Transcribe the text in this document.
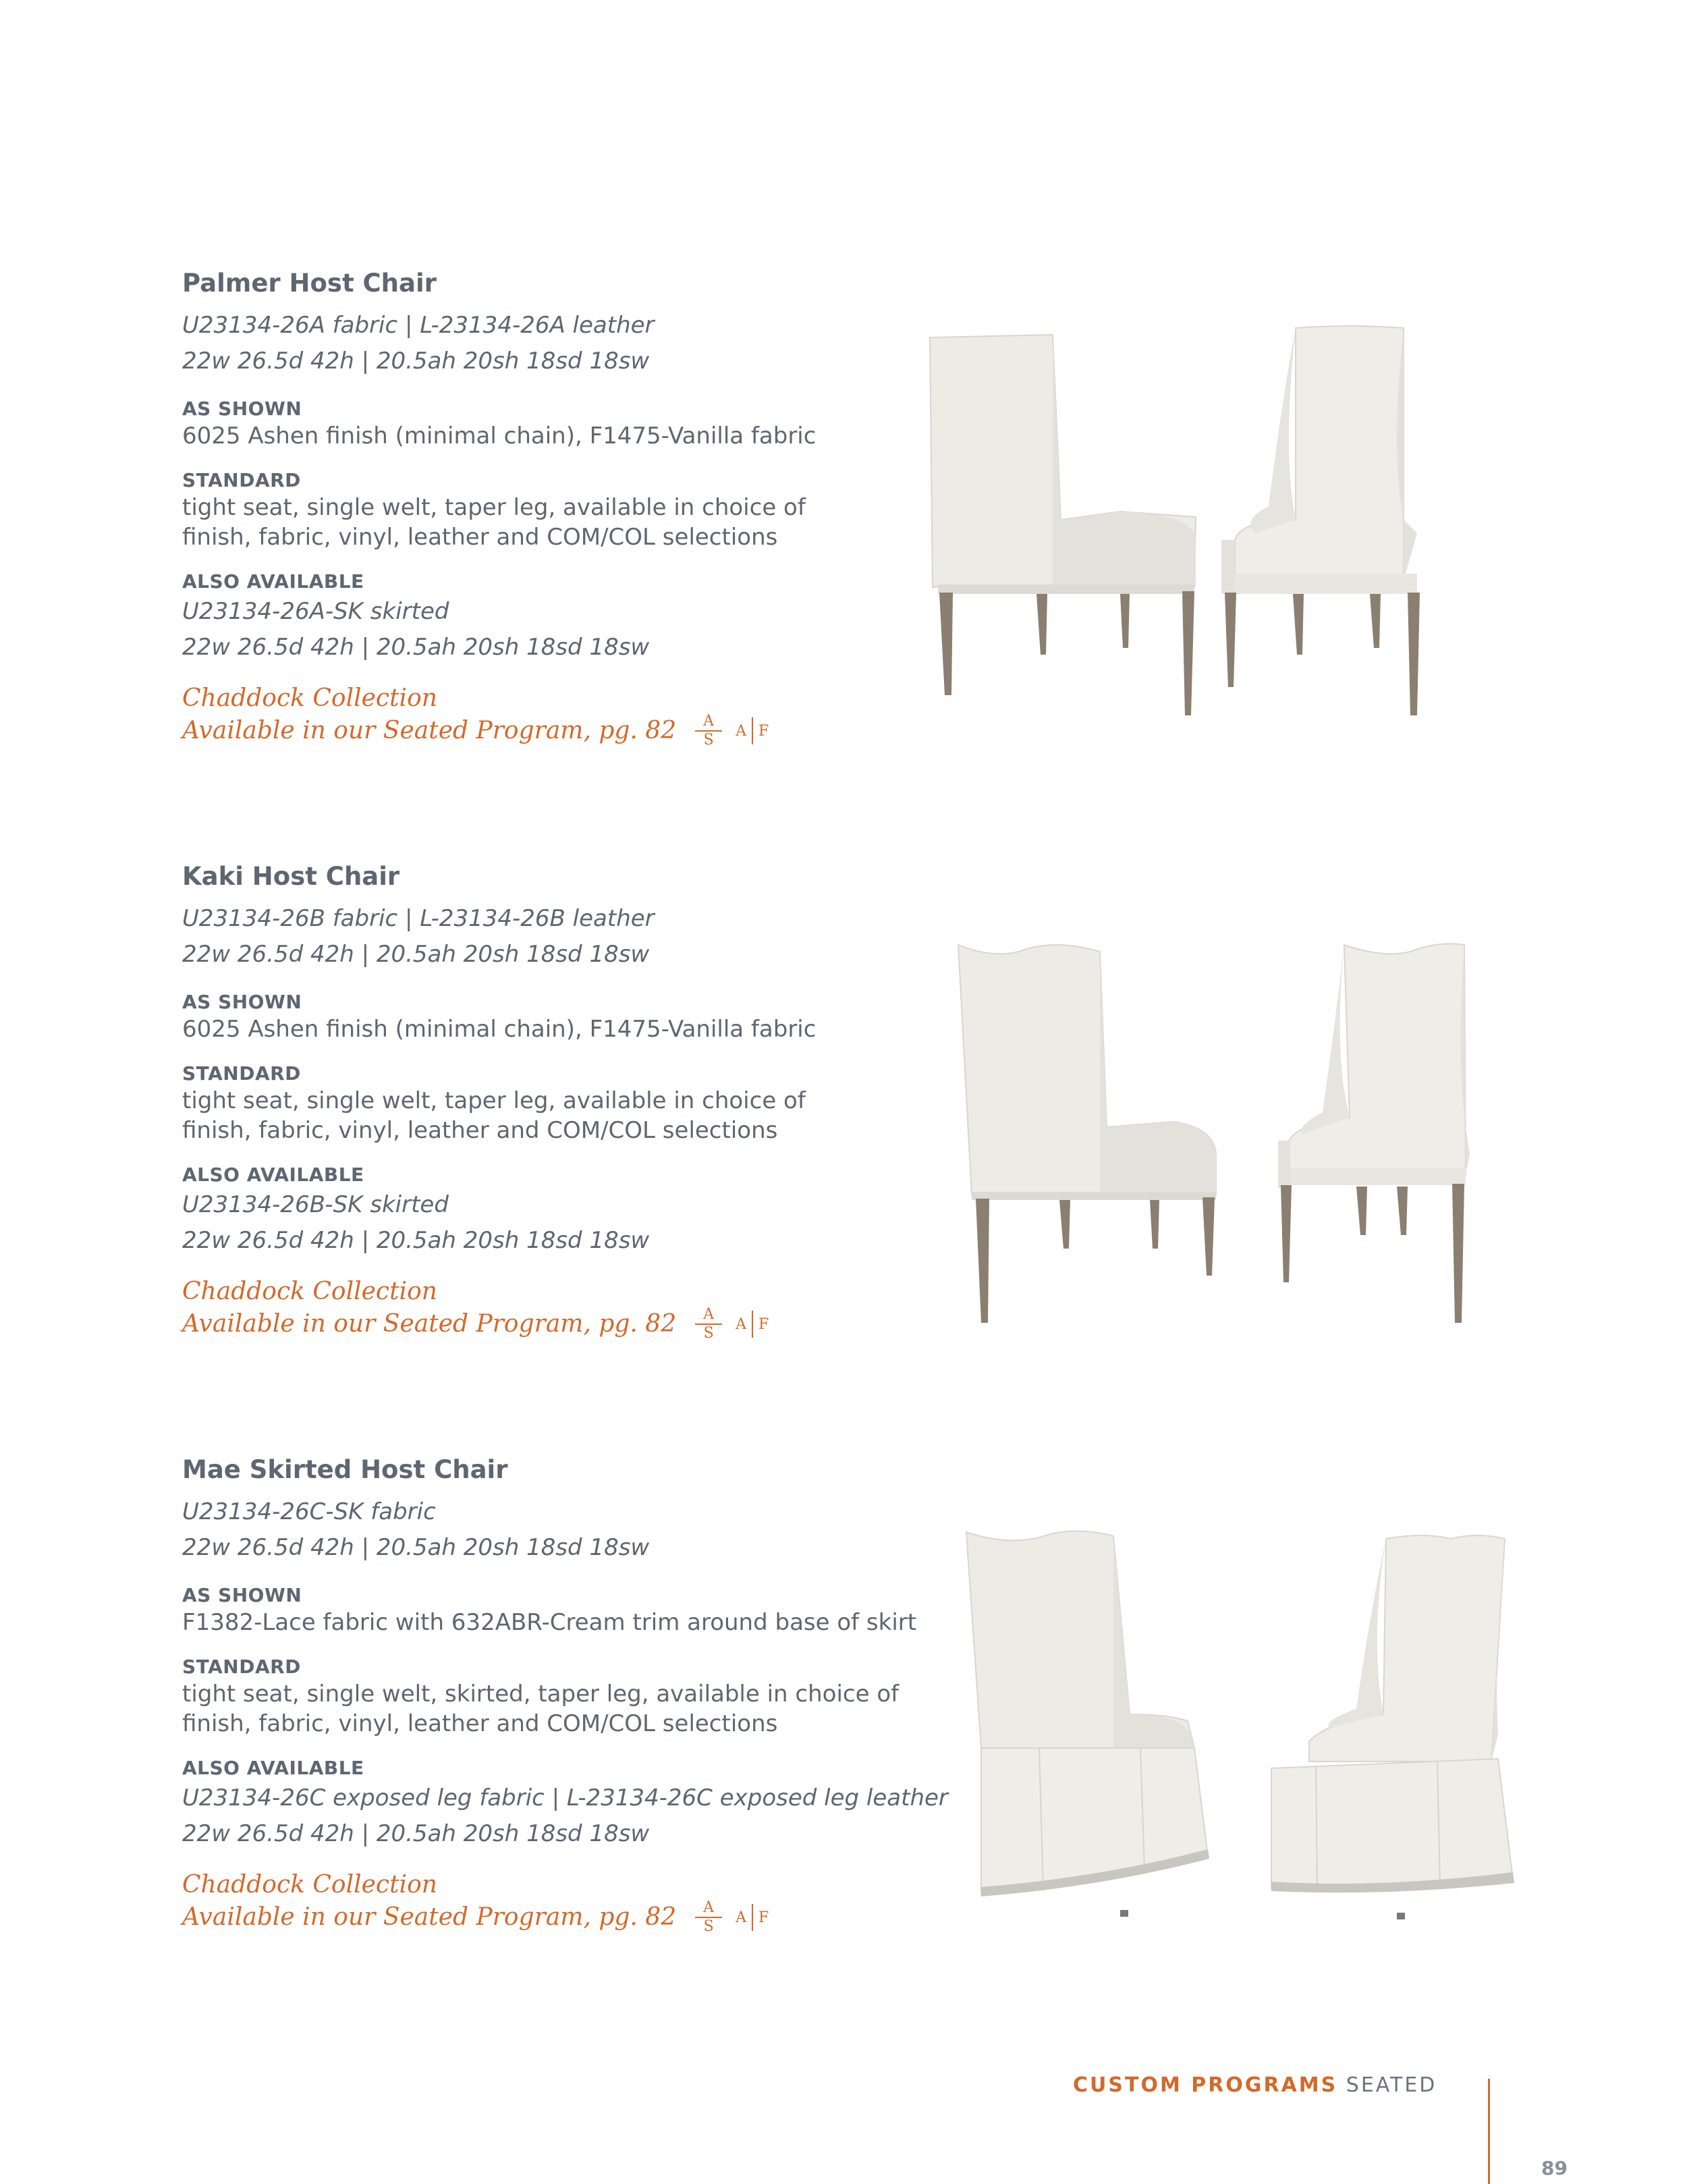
Palmer Host Chair

U23134-26A fabric | L-23134-26A leather

22w 26.5d 42h | 20.5ah 20sh 18sd 18sw

AS SHOWN

6025 Ashen finish (minimal chain), F1475-Vanilla fabric

STANDARD

tight seat, single welt, taper leg, available in choice of

finish, fabric, vinyl, leather and COM/COL selections

ALSO AVAILABLE

U23134-26A-SK skirted

22w 26.5d 42h | 20.5ah 20sh 18sd 18sw

Chaddock Collection

Available in our Seated Program, pg. $82 \frac{A}{S}$ A F

Kaki Host Chair

U23134-26B fabric | L-23134-26B leather

22w 26.5d 42h | 20.5ah 20sh 18sd 18sw

AS SHOWN

6025 Ashen finish (minimal chain), F1475-Vanilla fabric

STANDARD

tight seat, single welt, taper leg, available in choice of

finish, fabric, vinyl, leather and COM/COL selections

ALSO AVAILABLE

U23134-26B-SK skirted

22w 26.5d 42h | 20.5ah 20sh 18sd 18sw

Chaddock Collection

Available in our Seated Program, pg. $82 \frac{A}{S}$ A F

Mae Skirted Host Chair

U23134-26C-SK fabric

22w 26.5d 42h | 20.5ah 20sh 18sd 18sw

AS SHOWN

F1382-Lace fabric with 632ABR-Cream trim around base of skirt

STANDARD

tight seat, single welt, skirted, taper leg, available in choice of

finish, fabric, vinyl, leather and COM/COL selections

ALSO AVAILABLE

U23134-26C exposed leg fabric | L-23134-26C exposed leg leather

22w 26.5d 42h | 20.5ah 20sh 18sd 18sw

Chaddock Collection

Available in our Seated Program, pg. $82 \frac{A}{S}$ A F
CUSTOM PROGRAMS SEATED
89
